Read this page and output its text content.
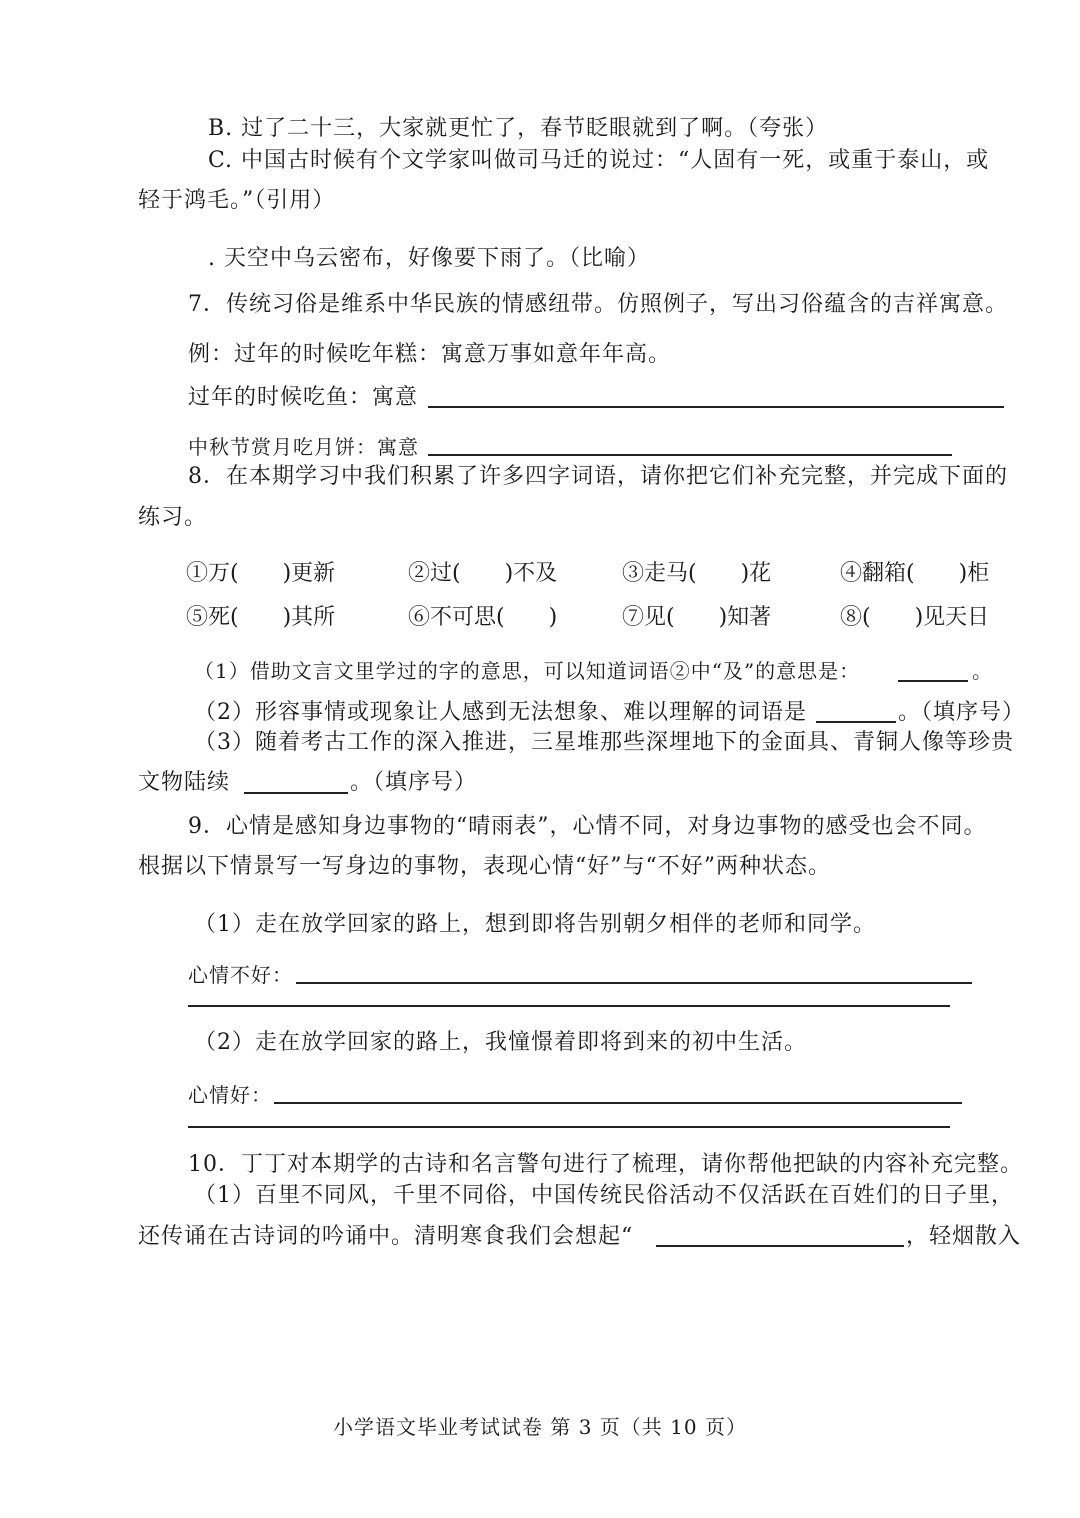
B. 过了二十三，大家就更忙了，春节眨眼就到了啊。（夸张）
C. 中国古时候有个文学家叫做司马迁的说过：“人固有一死，或重于泰山，或
轻于鸿毛。”（引用）
. 天空中乌云密布，好像要下雨了。（比喻）
7．传统习俗是维系中华民族的情感纽带。仿照例子，写出习俗蕴含的吉祥寓意。
例：过年的时候吃年糕：寓意万事如意年年高。
过年的时候吃鱼：寓意
中秋节赏月吃月饼：寓意
8．在本期学习中我们积累了许多四字词语，请你把它们补充完整，并完成下面的
练习。
①万(　　)更新	②过(　　)不及	③走马(　　)花	④翻箱(　　)柜
⑤死(　　)其所	⑥不可思(　　)	⑦见(　　)知著	⑧(　　)见天日
（1）借助文言文里学过的字的意思，可以知道词语②中“及”的意思是：	。
（2）形容事情或现象让人感到无法想象、难以理解的词语是	。（填序号）
（3）随着考古工作的深入推进，三星堆那些深埋地下的金面具、青铜人像等珍贵
文物陆续	。（填序号）
9．心情是感知身边事物的“晴雨表”，心情不同，对身边事物的感受也会不同。
根据以下情景写一写身边的事物，表现心情“好”与“不好”两种状态。
（1）走在放学回家的路上，想到即将告别朝夕相伴的老师和同学。
心情不好：
（2）走在放学回家的路上，我憧憬着即将到来的初中生活。
心情好：
10．丁丁对本期学的古诗和名言警句进行了梳理，请你帮他把缺的内容补充完整。
（1）百里不同风，千里不同俗，中国传统民俗活动不仅活跃在百姓们的日子里，
还传诵在古诗词的吟诵中。清明寒食我们会想起“	，轻烟散入
小学语文毕业考试试卷 第 3 页（共 10 页）
